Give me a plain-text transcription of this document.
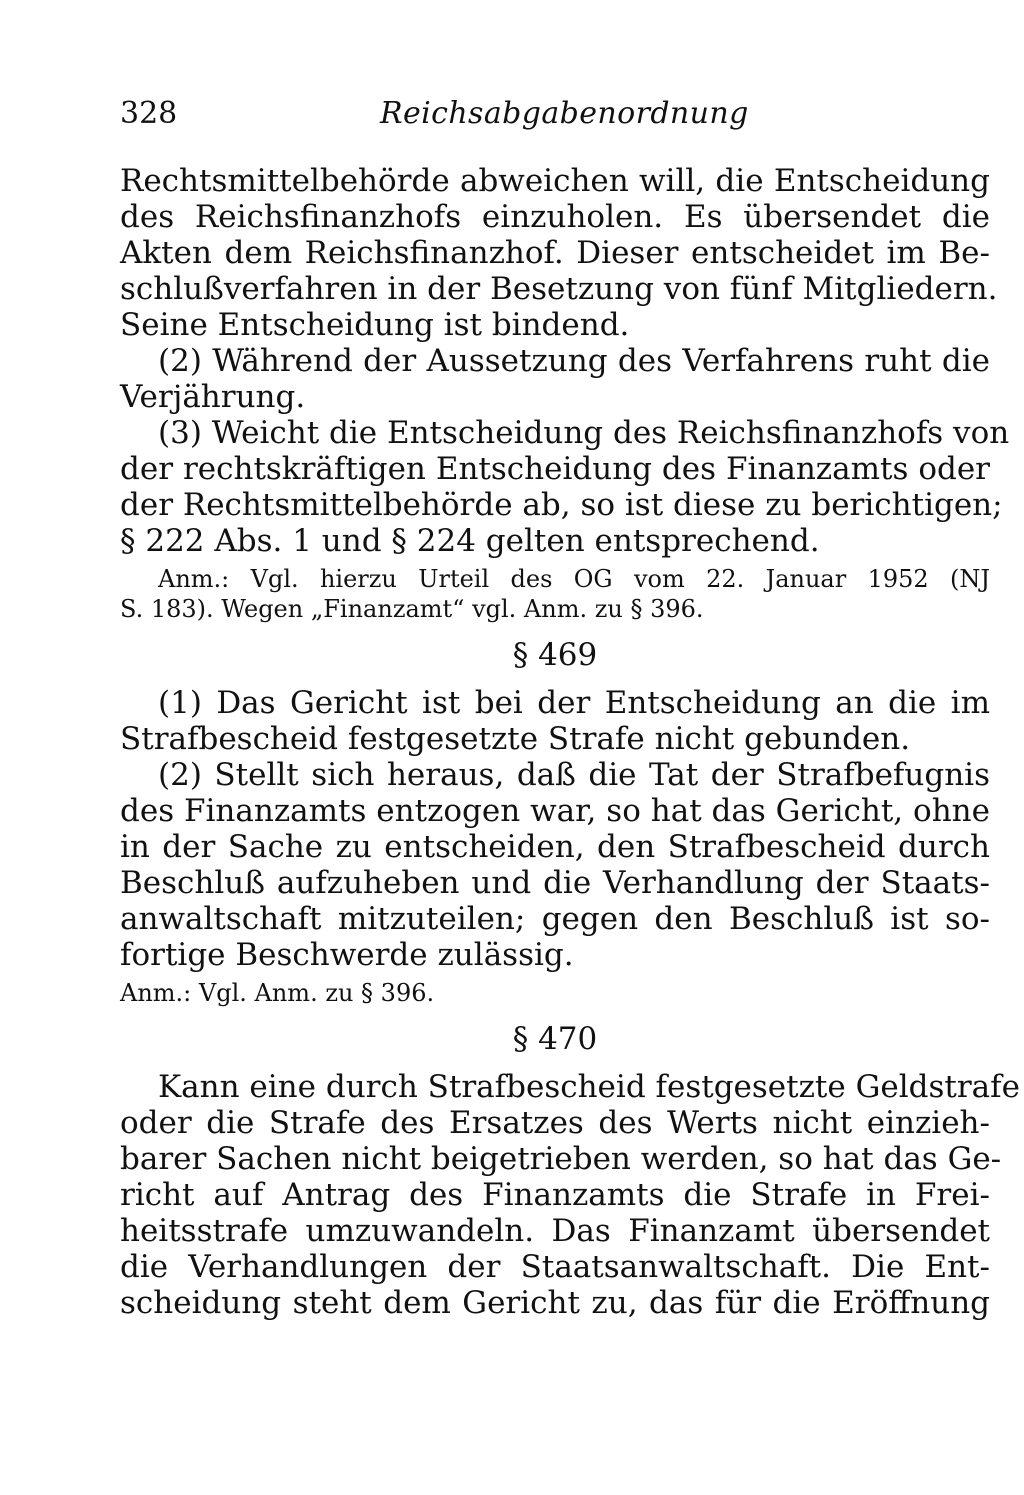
328	Reichsabgabenordnung
Rechtsmittelbehörde abweichen will, die Entscheidung
des Reichsfinanzhofs einzuholen. Es übersendet die
Akten dem Reichsfinanzhof. Dieser entscheidet im Be-
schlußverfahren in der Besetzung von fünf Mitgliedern.
Seine Entscheidung ist bindend.
(2) Während der Aussetzung des Verfahrens ruht die
Verjährung.
(3) Weicht die Entscheidung des Reichsfinanzhofs von
der rechtskräftigen Entscheidung des Finanzamts oder
der Rechtsmittelbehörde ab, so ist diese zu berichtigen;
§ 222 Abs. 1 und § 224 gelten entsprechend.
Anm.: Vgl. hierzu Urteil des OG vom 22. Januar 1952 (NJ
S. 183). Wegen „Finanzamt“ vgl. Anm. zu § 396.
§ 469
(1) Das Gericht ist bei der Entscheidung an die im
Strafbescheid festgesetzte Strafe nicht gebunden.
(2) Stellt sich heraus, daß die Tat der Strafbefugnis
des Finanzamts entzogen war, so hat das Gericht, ohne
in der Sache zu entscheiden, den Strafbescheid durch
Beschluß aufzuheben und die Verhandlung der Staats-
anwaltschaft mitzuteilen; gegen den Beschluß ist so-
fortige Beschwerde zulässig.
Anm.: Vgl. Anm. zu § 396.
§ 470
Kann eine durch Strafbescheid festgesetzte Geldstrafe
oder die Strafe des Ersatzes des Werts nicht einzieh-
barer Sachen nicht beigetrieben werden, so hat das Ge-
richt auf Antrag des Finanzamts die Strafe in Frei-
heitsstrafe umzuwandeln. Das Finanzamt übersendet
die Verhandlungen der Staatsanwaltschaft. Die Ent-
scheidung steht dem Gericht zu, das für die Eröffnung
